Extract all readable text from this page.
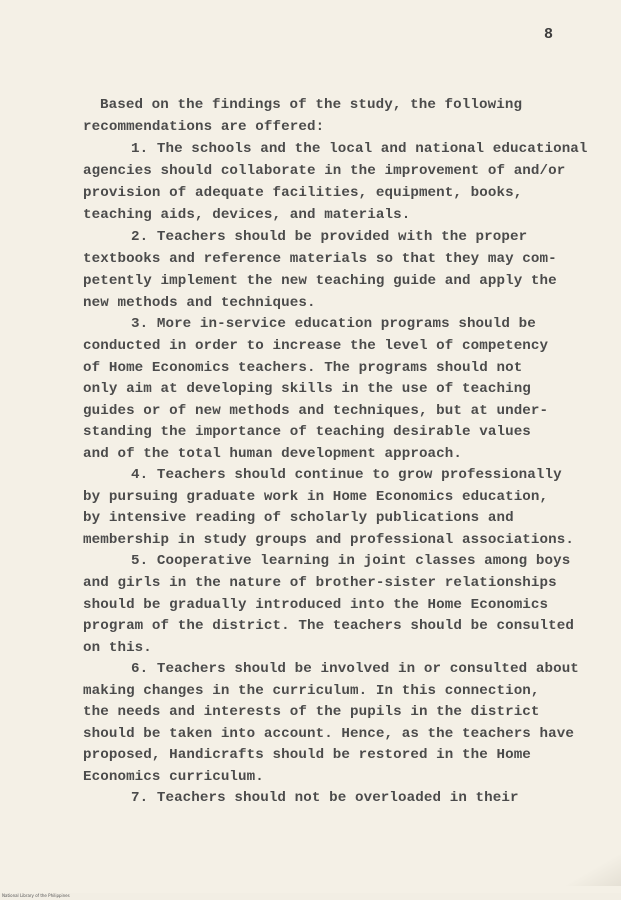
8
Based on the findings of the study, the following
recommendations are offered:
1. The schools and the local and national educational
agencies should collaborate in the improvement of and/or
provision of adequate facilities, equipment, books,
teaching aids, devices, and materials.
2. Teachers should be provided with the proper
textbooks and reference materials so that they may com-
petently implement the new teaching guide and apply the
new methods and techniques.
3. More in-service education programs should be
conducted in order to increase the level of competency
of Home Economics teachers. The programs should not
only aim at developing skills in the use of teaching
guides or of new methods and techniques, but at under-
standing the importance of teaching desirable values
and of the total human development approach.
4. Teachers should continue to grow professionally
by pursuing graduate work in Home Economics education,
by intensive reading of scholarly publications and
membership in study groups and professional associations.
5. Cooperative learning in joint classes among boys
and girls in the nature of brother-sister relationships
should be gradually introduced into the Home Economics
program of the district. The teachers should be consulted
on this.
6. Teachers should be involved in or consulted about
making changes in the curriculum. In this connection,
the needs and interests of the pupils in the district
should be taken into account. Hence, as the teachers have
proposed, Handicrafts should be restored in the Home
Economics curriculum.
7. Teachers should not be overloaded in their
National Library of the Philippines
